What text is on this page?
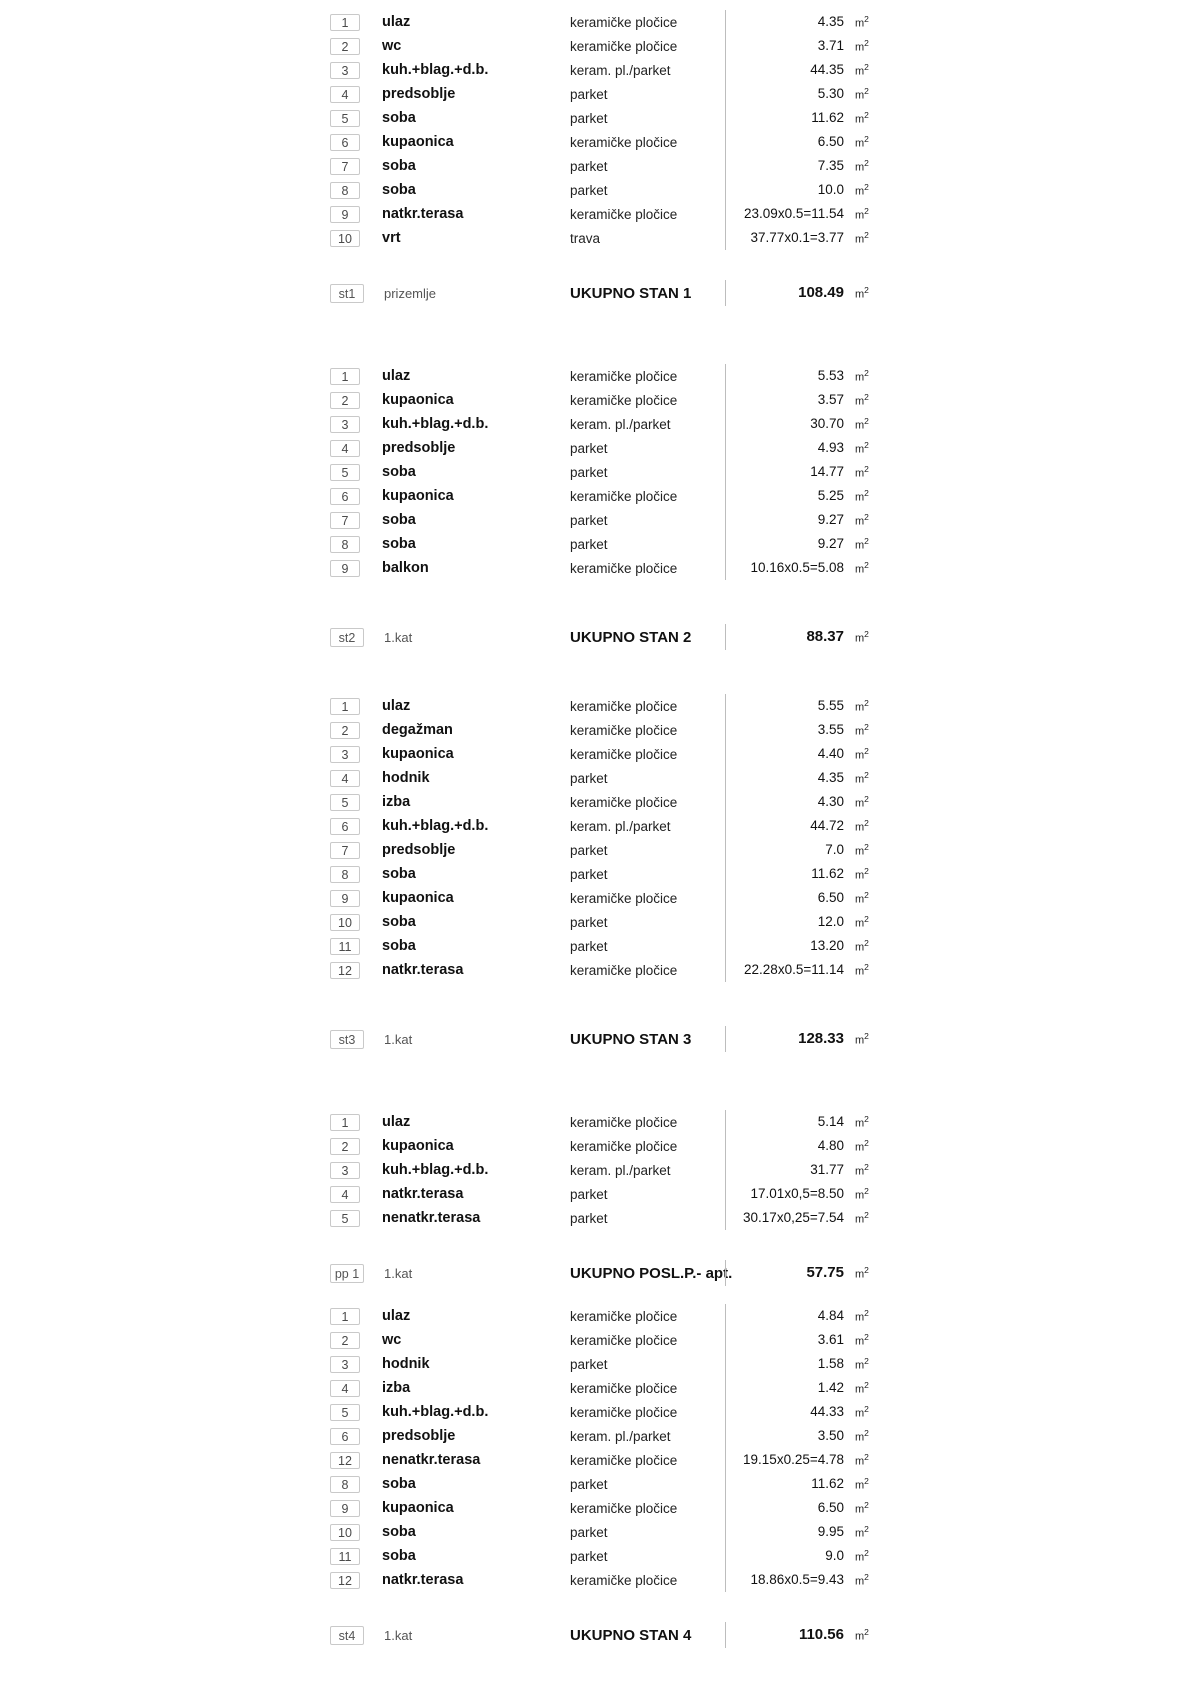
1	ulaz	keramičke pločice	4.35	$m^2$
2	wc	keramičke pločice	3.71	$m^2$
3	kuh.+blag.+d.b.	keram. pl./parket	44.35	$m^2$
4	predsoblje	parket	5.30	$m^2$
5	soba	parket	11.62	$m^2$
6	kupaonica	keramičke pločice	6.50	$m^2$
7	soba	parket	7.35	$m^2$
8	soba	parket	10.0	$m^2$
9	natkr.terasa	keramičke pločice	23.09x0.5=11.54	$m^2$
10	vrt	trava	37.77x0.1=3.77	$m^2$
st1	prizemlje	UKUPNO STAN 1	108.49	$m^2$
1	ulaz	keramičke pločice	5.53	$m^2$
2	kupaonica	keramičke pločice	3.57	$m^2$
3	kuh.+blag.+d.b.	keram. pl./parket	30.70	$m^2$
4	predsoblje	parket	4.93	$m^2$
5	soba	parket	14.77	$m^2$
6	kupaonica	keramičke pločice	5.25	$m^2$
7	soba	parket	9.27	$m^2$
8	soba	parket	9.27	$m^2$
9	balkon	keramičke pločice	10.16x0.5=5.08	$m^2$
st2	1.kat	UKUPNO STAN 2	88.37	$m^2$
1	ulaz	keramičke pločice	5.55	$m^2$
2	degažman	keramičke pločice	3.55	$m^2$
3	kupaonica	keramičke pločice	4.40	$m^2$
4	hodnik	parket	4.35	$m^2$
5	izba	keramičke pločice	4.30	$m^2$
6	kuh.+blag.+d.b.	keram. pl./parket	44.72	$m^2$
7	predsoblje	parket	7.0	$m^2$
8	soba	parket	11.62	$m^2$
9	kupaonica	keramičke pločice	6.50	$m^2$
10	soba	parket	12.0	$m^2$
11	soba	parket	13.20	$m^2$
12	natkr.terasa	keramičke pločice	22.28x0.5=11.14	$m^2$
st3	1.kat	UKUPNO STAN 3	128.33	$m^2$
1	ulaz	keramičke pločice	5.14	$m^2$
2	kupaonica	keramičke pločice	4.80	$m^2$
3	kuh.+blag.+d.b.	keram. pl./parket	31.77	$m^2$
4	natkr.terasa	parket	17.01x0,5=8.50	$m^2$
5	nenatkr.terasa	parket	30.17x0,25=7.54	$m^2$
pp 1	1.kat	UKUPNO POSL.P.- apt.	57.75	$m^2$
1	ulaz	keramičke pločice	4.84	$m^2$
2	wc	keramičke pločice	3.61	$m^2$
3	hodnik	parket	1.58	$m^2$
4	izba	keramičke pločice	1.42	$m^2$
5	kuh.+blag.+d.b.	keramičke pločice	44.33	$m^2$
6	predsoblje	keram. pl./parket	3.50	$m^2$
12	nenatkr.terasa	keramičke pločice	19.15x0.25=4.78	$m^2$
8	soba	parket	11.62	$m^2$
9	kupaonica	keramičke pločice	6.50	$m^2$
10	soba	parket	9.95	$m^2$
11	soba	parket	9.0	$m^2$
12	natkr.terasa	keramičke pločice	18.86x0.5=9.43	$m^2$
st4	1.kat	UKUPNO STAN 4	110.56	$m^2$
